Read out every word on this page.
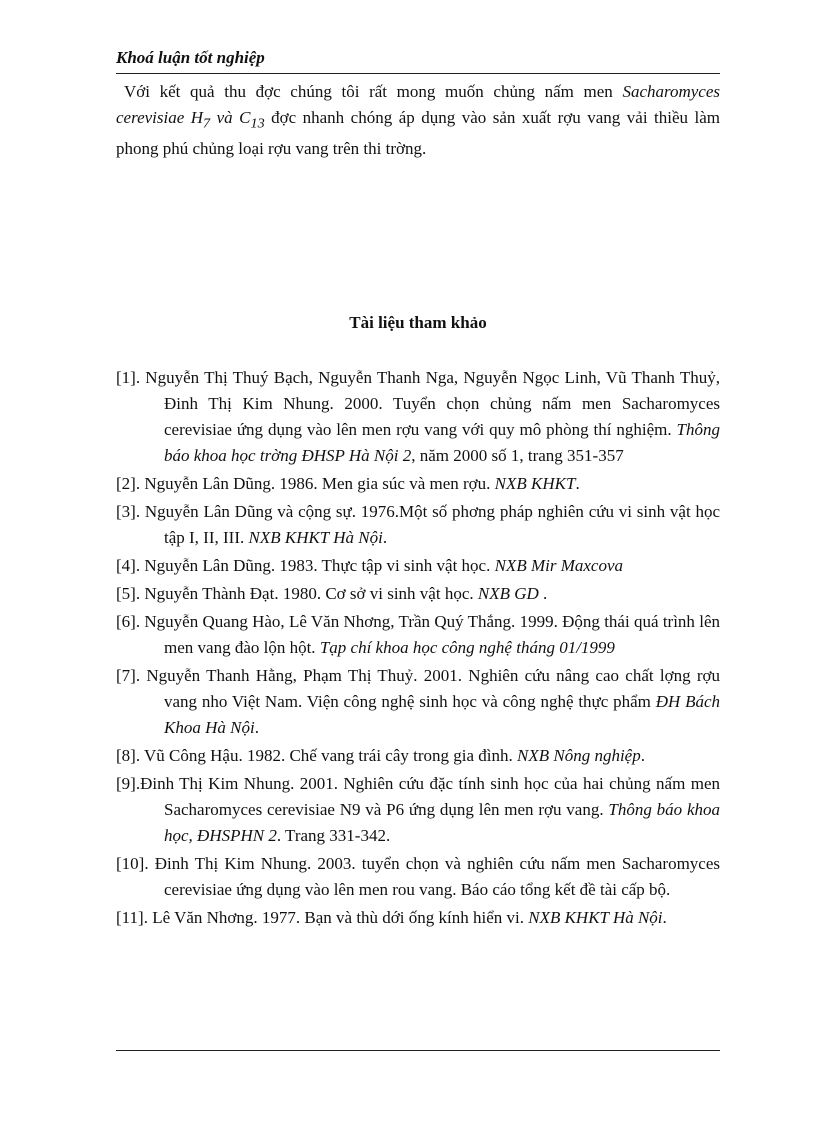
Khoá luận tốt nghiệp

Với kết quả thu đợc chúng tôi rất mong muốn chủng nấm men Sacharomyces cerevisiae $H_7$ và $C_{13}$ đợc nhanh chóng áp dụng vào sản xuất rợu vang vải thiều làm phong phú chủng loại rợu vang trên thi trờng.

Tài liệu tham khảo
[1]. Nguyễn Thị Thuý Bạch, Nguyễn Thanh Nga, Nguyễn Ngọc Linh, Vũ Thanh Thuỷ, Đinh Thị Kim Nhung. 2000. Tuyển chọn chủng nấm men Sacharomyces cerevisiae ứng dụng vào lên men rợu vang với quy mô phòng thí nghiệm. Thông báo khoa học trờng ĐHSP Hà Nội 2, năm 2000 số 1, trang 351-357
[2]. Nguyễn Lân Dũng. 1986. Men gia súc và men rợu. NXB KHKT.
[3]. Nguyễn Lân Dũng và cộng sự. 1976.Một số phơng pháp nghiên cứu vi sinh vật học tập I, II, III. NXB KHKT Hà Nội.
[4]. Nguyễn Lân Dũng. 1983. Thực tập vi sinh vật học. NXB Mir Maxcova
[5]. Nguyễn Thành Đạt. 1980. Cơ sở vi sinh vật học. NXB GD .
[6]. Nguyễn Quang Hào, Lê Văn Nhơng, Trần Quý Thắng. 1999. Động thái quá trình lên men vang đào lộn hột. Tạp chí khoa học công nghệ tháng 01/1999
[7]. Nguyễn Thanh Hằng, Phạm Thị Thuỷ. 2001. Nghiên cứu nâng cao chất lợng rợu vang nho Việt Nam. Viện công nghệ sinh học và công nghệ thực phẩm ĐH Bách Khoa Hà Nội.
[8]. Vũ Công Hậu. 1982. Chế vang trái cây trong gia đình. NXB Nông nghiệp.
[9].Đinh Thị Kim Nhung. 2001. Nghiên cứu đặc tính sinh học của hai chủng nấm men Sacharomyces cerevisiae N9 và P6 ứng dụng lên men rợu vang. Thông báo khoa học, ĐHSPHN 2. Trang 331-342.
[10]. Đinh Thị Kim Nhung. 2003. tuyển chọn và nghiên cứu nấm men Sacharomyces cerevisiae ứng dụng vào lên men rou vang. Báo cáo tổng kết đề tài cấp bộ.
[11]. Lê Văn Nhơng. 1977. Bạn và thù dới ống kính hiển vi. NXB KHKT Hà Nội.
